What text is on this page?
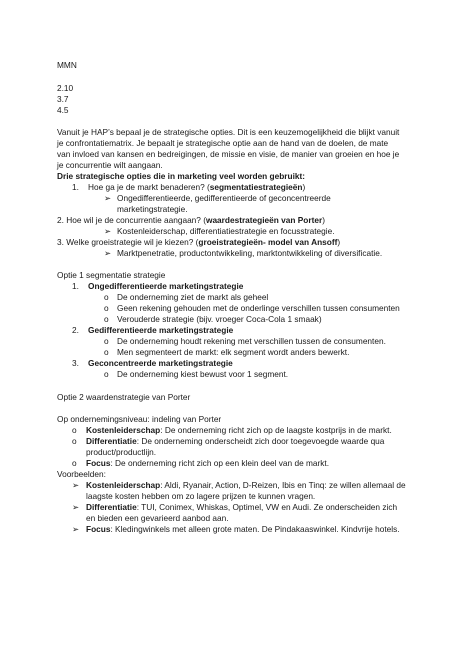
MMN
2.10
3.7
4.5
Vanuit je HAP’s bepaal je de strategische opties. Dit is een keuzemogelijkheid die blijkt vanuit
je confrontatiematrix. Je bepaalt je strategische optie aan de hand van de doelen, de mate
van invloed van kansen en bedreigingen, de missie en visie, de manier van groeien en hoe je
je concurrentie wilt aangaan.
Drie strategische opties die in marketing veel worden gebruikt:
1. Hoe ga je de markt benaderen? (segmentatiestrategieën)
➢ Ongedifferentieerde, gedifferentieerde of geconcentreerde
marketingstrategie.
2. Hoe wil je de concurrentie aangaan? (waardestrategieën van Porter)
➢ Kostenleiderschap, differentiatiestrategie en focusstrategie.
3. Welke groeistrategie wil je kiezen? (groeistrategieën- model van Ansoff)
➢ Marktpenetratie, productontwikkeling, marktontwikkeling of diversificatie.
Optie 1 segmentatie strategie
1. Ongedifferentieerde marketingstrategie
o De onderneming ziet de markt als geheel
o Geen rekening gehouden met de onderlinge verschillen tussen consumenten
o Verouderde strategie (bijv. vroeger Coca-Cola 1 smaak)
2. Gedifferentieerde marketingstrategie
o De onderneming houdt rekening met verschillen tussen de consumenten.
o Men segmenteert de markt: elk segment wordt anders bewerkt.
3. Geconcentreerde marketingstrategie
o De onderneming kiest bewust voor 1 segment.
Optie 2 waardenstrategie van Porter
Op ondernemingsniveau: indeling van Porter
o Kostenleiderschap: De onderneming richt zich op de laagste kostprijs in de markt.
o Differentiatie: De onderneming onderscheidt zich door toegevoegde waarde qua
product/productlijn.
o Focus: De onderneming richt zich op een klein deel van de markt.
Voorbeelden:
➢ Kostenleiderschap: Aldi, Ryanair, Action, D-Reizen, Ibis en Tinq: ze willen allemaal de
laagste kosten hebben om zo lagere prijzen te kunnen vragen.
➢ Differentiatie: TUI, Conimex, Whiskas, Optimel, VW en Audi. Ze onderscheiden zich
en bieden een gevarieerd aanbod aan.
➢ Focus: Kledingwinkels met alleen grote maten. De Pindakaaswinkel. Kindvrije hotels.
